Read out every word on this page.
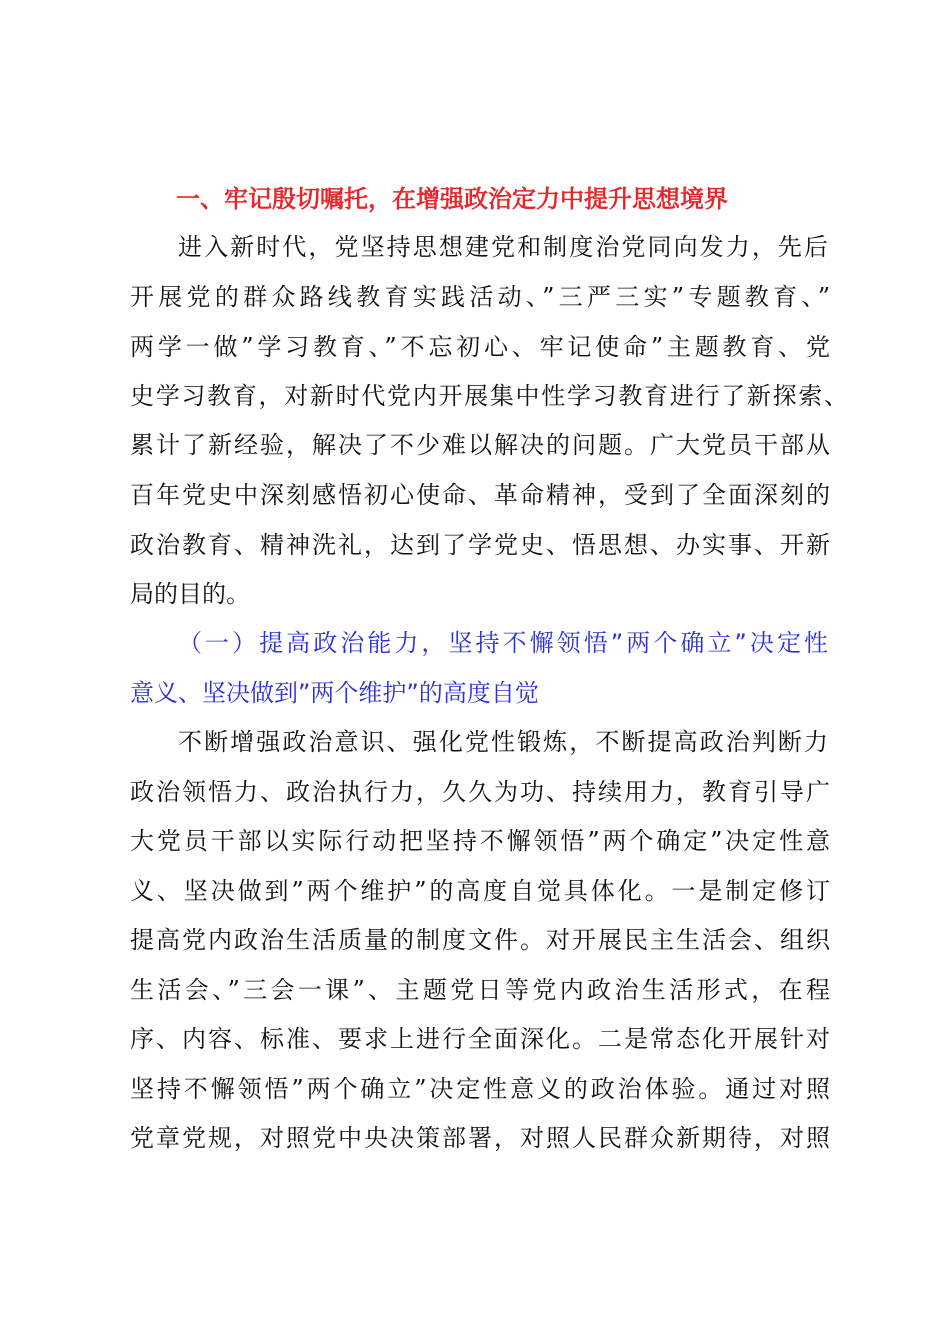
一、牢记殷切嘱托，在增强政治定力中提升思想境界
进入新时代，党坚持思想建党和制度治党同向发力，先后
开展党的群众路线教育实践活动、”三严三实”专题教育、”
两学一做”学习教育、”不忘初心、牢记使命”主题教育、党
史学习教育，对新时代党内开展集中性学习教育进行了新探索、
累计了新经验，解决了不少难以解决的问题。广大党员干部从
百年党史中深刻感悟初心使命、革命精神，受到了全面深刻的
政治教育、精神洗礼，达到了学党史、悟思想、办实事、开新
局的目的。
（一）提高政治能力，坚持不懈领悟”两个确立”决定性
意义、坚决做到”两个维护”的高度自觉
不断增强政治意识、强化党性锻炼，不断提高政治判断力
政治领悟力、政治执行力，久久为功、持续用力，教育引导广
大党员干部以实际行动把坚持不懈领悟”两个确定”决定性意
义、坚决做到”两个维护”的高度自觉具体化。一是制定修订
提高党内政治生活质量的制度文件。对开展民主生活会、组织
生活会、”三会一课”、主题党日等党内政治生活形式，在程
序、内容、标准、要求上进行全面深化。二是常态化开展针对
坚持不懈领悟”两个确立”决定性意义的政治体验。通过对照
党章党规，对照党中央决策部署，对照人民群众新期待，对照
